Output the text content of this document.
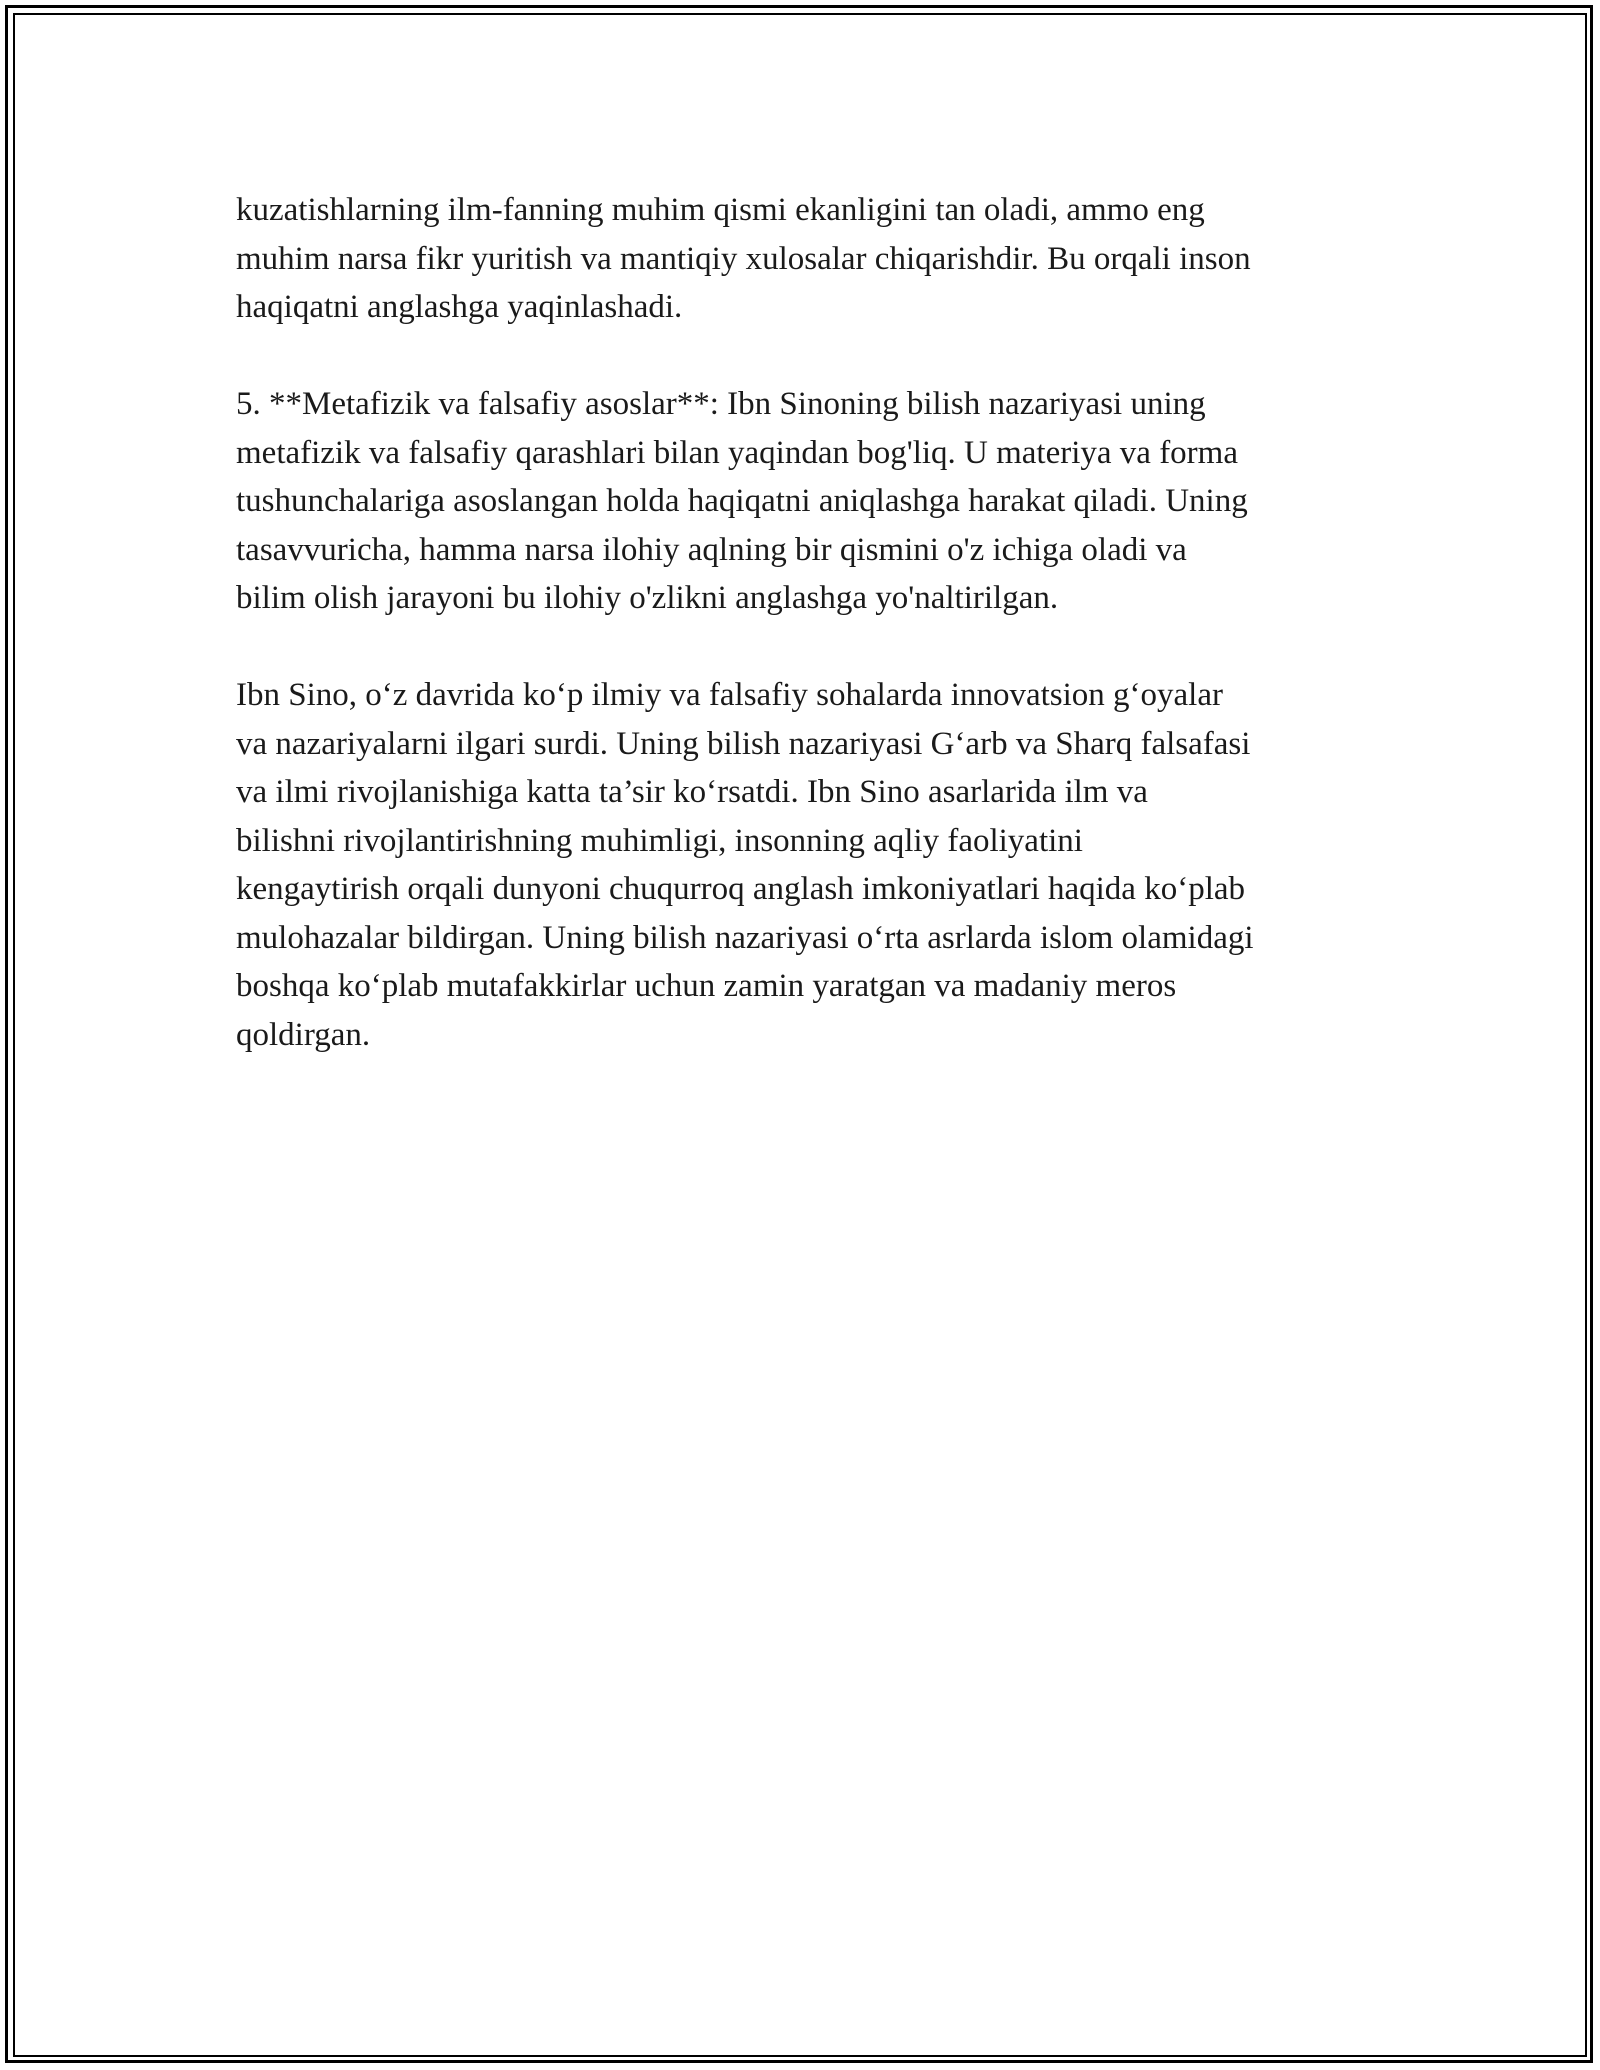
kuzatishlarning ilm-fanning muhim qismi ekanligini tan oladi, ammo eng
muhim narsa fikr yuritish va mantiqiy xulosalar chiqarishdir. Bu orqali inson
haqiqatni anglashga yaqinlashadi.

5. **Metafizik va falsafiy asoslar**: Ibn Sinoning bilish nazariyasi uning
metafizik va falsafiy qarashlari bilan yaqindan bog'liq. U materiya va forma
tushunchalariga asoslangan holda haqiqatni aniqlashga harakat qiladi. Uning
tasavvuricha, hamma narsa ilohiy aqlning bir qismini o'z ichiga oladi va
bilim olish jarayoni bu ilohiy o'zlikni anglashga yo'naltirilgan.

Ibn Sino, o‘z davrida ko‘p ilmiy va falsafiy sohalarda innovatsion g‘oyalar
va nazariyalarni ilgari surdi. Uning bilish nazariyasi G‘arb va Sharq falsafasi
va ilmi rivojlanishiga katta ta’sir ko‘rsatdi. Ibn Sino asarlarida ilm va
bilishni rivojlantirishning muhimligi, insonning aqliy faoliyatini
kengaytirish orqali dunyoni chuqurroq anglash imkoniyatlari haqida ko‘plab
mulohazalar bildirgan. Uning bilish nazariyasi o‘rta asrlarda islom olamidagi
boshqa ko‘plab mutafakkirlar uchun zamin yaratgan va madaniy meros
qoldirgan.
